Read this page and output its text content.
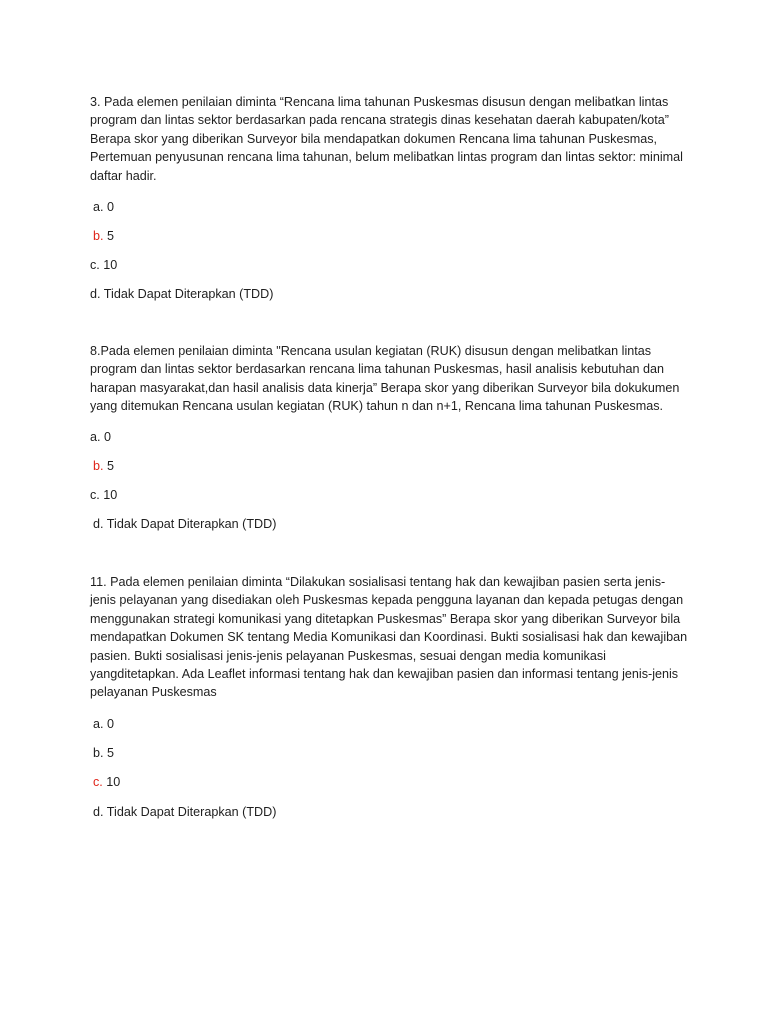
3. Pada elemen penilaian diminta “Rencana lima tahunan Puskesmas disusun dengan melibatkan lintas program dan lintas sektor berdasarkan pada rencana strategis dinas kesehatan daerah kabupaten/kota” Berapa skor yang diberikan Surveyor bila mendapatkan dokumen Rencana lima tahunan Puskesmas, Pertemuan penyusunan rencana lima tahunan, belum melibatkan lintas program dan lintas sektor: minimal daftar hadir.

a. 0
b. 5
c. 10
d. Tidak Dapat Diterapkan (TDD)

8.Pada elemen penilaian diminta "Rencana usulan kegiatan (RUK) disusun dengan melibatkan lintas program dan lintas sektor berdasarkan rencana lima tahunan Puskesmas, hasil analisis kebutuhan dan harapan masyarakat,dan hasil analisis data kinerja” Berapa skor yang diberikan Surveyor bila dokukumen yang ditemukan Rencana usulan kegiatan (RUK) tahun n dan n+1, Rencana lima tahunan Puskesmas.

a. 0
b. 5
c. 10
d. Tidak Dapat Diterapkan (TDD)

11. Pada elemen penilaian diminta “Dilakukan sosialisasi tentang hak dan kewajiban pasien serta jenis-jenis pelayanan yang disediakan oleh Puskesmas kepada pengguna layanan dan kepada petugas dengan menggunakan strategi komunikasi yang ditetapkan Puskesmas” Berapa skor yang diberikan Surveyor bila mendapatkan Dokumen SK tentang Media Komunikasi dan Koordinasi. Bukti sosialisasi hak dan kewajiban pasien. Bukti sosialisasi jenis-jenis pelayanan Puskesmas, sesuai dengan media komunikasi yangditetapkan. Ada Leaflet informasi tentang hak dan kewajiban pasien dan informasi tentang jenis-jenis pelayanan Puskesmas

a. 0
b. 5
c. 10
d. Tidak Dapat Diterapkan (TDD)
